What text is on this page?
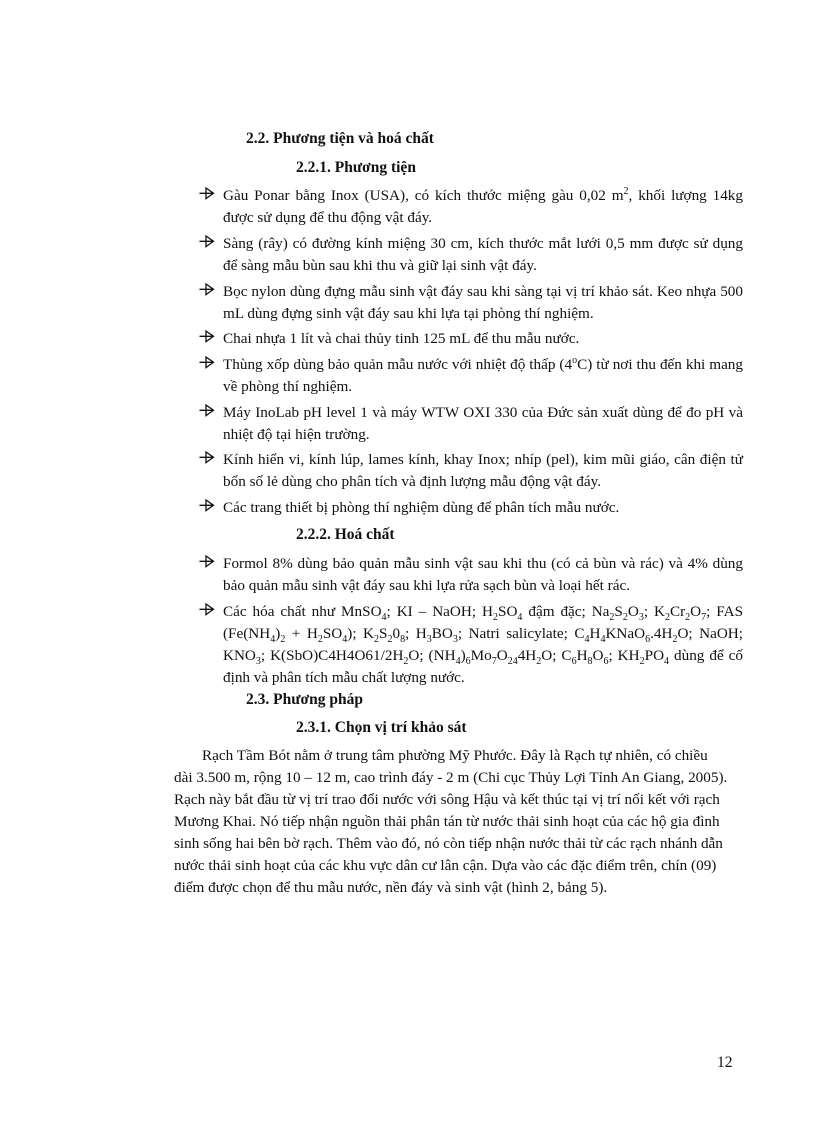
2.2. Phương tiện và hoá chất
2.2.1. Phương tiện
Gàu Ponar bằng Inox (USA), có kích thước miệng gàu 0,02 $m^2$, khối lượng 14kg được sử dụng để thu động vật đáy.
Sàng (rây) có đường kính miệng 30 cm, kích thước mắt lưới 0,5 mm được sử dụng để sàng mẫu bùn sau khi thu và giữ lại sinh vật đáy.
Bọc nylon dùng đựng mẫu sinh vật đáy sau khi sàng tại vị trí khảo sát. Keo nhựa 500 mL dùng đựng sinh vật đáy sau khi lựa tại phòng thí nghiệm.
Chai nhựa 1 lít và chai thủy tinh 125 mL để thu mẫu nước.
Thùng xốp dùng bảo quản mẫu nước với nhiệt độ thấp (4$^o$C) từ nơi thu đến khi mang về phòng thí nghiệm.
Máy InoLab pH level 1 và máy WTW OXI 330 của Đức sản xuất dùng để đo pH và nhiệt độ tại hiện trường.
Kính hiển vi, kính lúp, lames kính, khay Inox; nhíp (pel), kim mũi giáo, cân điện tử bốn số lẻ dùng cho phân tích và định lượng mẫu động vật đáy.
Các trang thiết bị phòng thí nghiệm dùng để phân tích mẫu nước.
2.2.2. Hoá chất
Formol 8% dùng bảo quản mẫu sinh vật sau khi thu (có cả bùn và rác) và 4% dùng bảo quản mẫu sinh vật đáy sau khi lựa rửa sạch bùn và loại hết rác.
Các hóa chất như MnSO$_4$; KI – NaOH; $H_2SO_4$ đậm đặc; $Na_2S_2O_3$; $K_2Cr_2O_7$; FAS $(Fe(NH_4)_2 + H_2SO_4)$; $K_2S_20_8$; $H_3BO_3$; Natri salicylate; $C_4H_4KNaO_6.4H_2O$; NaOH; $KNO_3$; $K(SbO)C4H4O61/2H_2O$; $(NH_4)_6Mo_7O_{24}4H_2O$; $C_6H_8O_6$; $KH_2PO_4$ dùng để cố định và phân tích mẫu chất lượng nước.
2.3. Phương pháp
2.3.1. Chọn vị trí khảo sát
Rạch Tầm Bót nằm ở trung tâm phường Mỹ Phước. Đây là Rạch tự nhiên, có chiều
dài 3.500 m, rộng 10 – 12 m, cao trình đáy - 2 m (Chi cục Thủy Lợi Tỉnh An Giang, 2005).
Rạch này bắt đầu từ vị trí trao đổi nước với sông Hậu và kết thúc tại vị trí nối kết với rạch
Mương Khai. Nó tiếp nhận nguồn thải phân tán từ nước thải sinh hoạt của các hộ gia đình
sinh sống hai bên bờ rạch. Thêm vào đó, nó còn tiếp nhận nước thải từ các rạch nhánh dẫn
nước thải sinh hoạt của các khu vực dân cư lân cận. Dựa vào các đặc điểm trên, chín (09)
điểm được chọn để thu mẫu nước, nền đáy và sinh vật (hình 2, bảng 5).
12
